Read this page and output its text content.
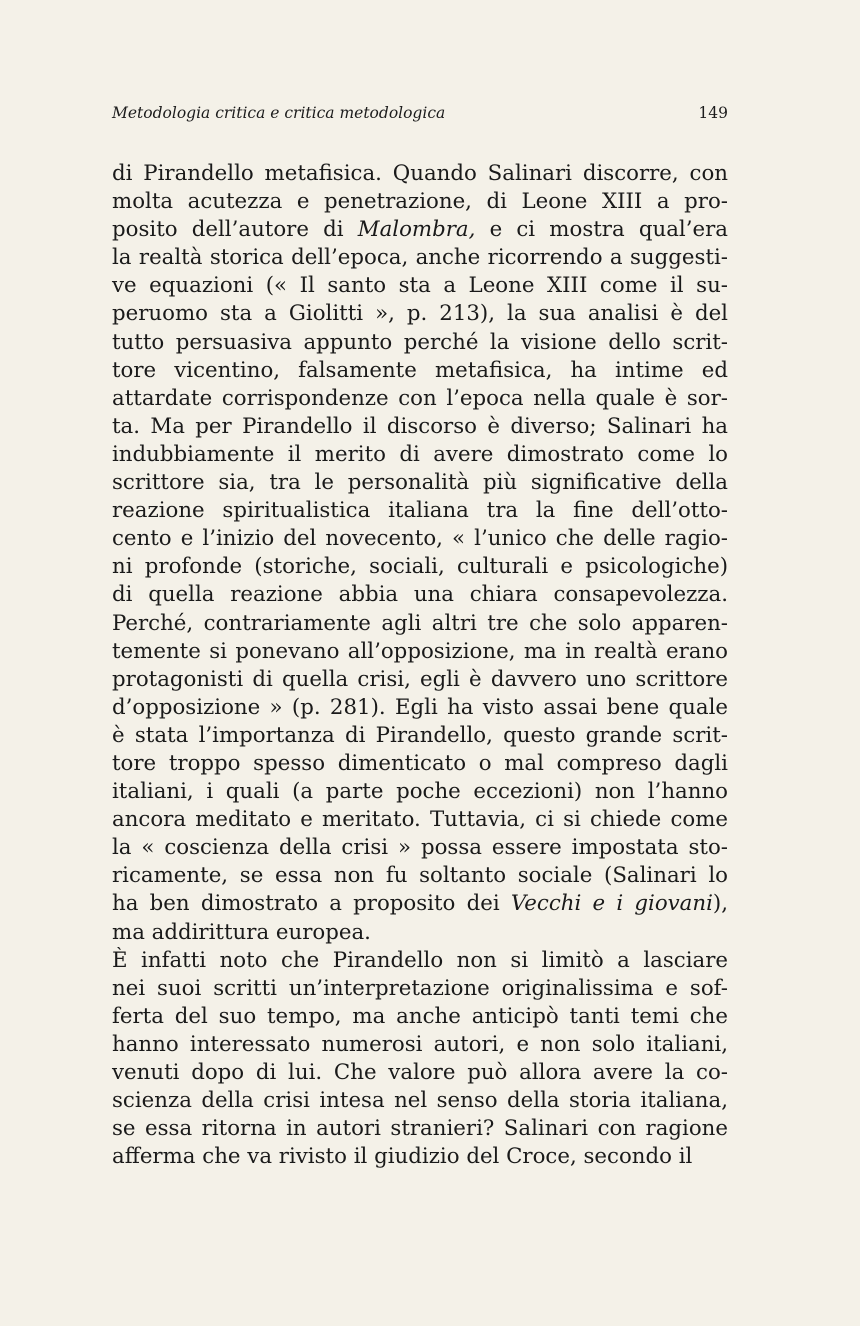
Metodologia critica e critica metodologica	149
di Pirandello metafisica. Quando Salinari discorre, con
molta acutezza e penetrazione, di Leone XIII a pro-
posito dell’autore di Malombra, e ci mostra qual’era
la realtà storica dell’epoca, anche ricorrendo a suggesti-
ve equazioni (« Il santo sta a Leone XIII come il su-
peruomo sta a Giolitti », p. 213), la sua analisi è del
tutto persuasiva appunto perché la visione dello scrit-
tore vicentino, falsamente metafisica, ha intime ed
attardate corrispondenze con l’epoca nella quale è sor-
ta. Ma per Pirandello il discorso è diverso; Salinari ha
indubbiamente il merito di avere dimostrato come lo
scrittore sia, tra le personalità più significative della
reazione spiritualistica italiana tra la fine dell’otto-
cento e l’inizio del novecento, « l’unico che delle ragio-
ni profonde (storiche, sociali, culturali e psicologiche)
di quella reazione abbia una chiara consapevolezza.
Perché, contrariamente agli altri tre che solo apparen-
temente si ponevano all’opposizione, ma in realtà erano
protagonisti di quella crisi, egli è davvero uno scrittore
d’opposizione » (p. 281). Egli ha visto assai bene quale
è stata l’importanza di Pirandello, questo grande scrit-
tore troppo spesso dimenticato o mal compreso dagli
italiani, i quali (a parte poche eccezioni) non l’hanno
ancora meditato e meritato. Tuttavia, ci si chiede come
la « coscienza della crisi » possa essere impostata sto-
ricamente, se essa non fu soltanto sociale (Salinari lo
ha ben dimostrato a proposito dei Vecchi e i giovani),
ma addirittura europea.
È infatti noto che Pirandello non si limitò a lasciare
nei suoi scritti un’interpretazione originalissima e sof-
ferta del suo tempo, ma anche anticipò tanti temi che
hanno interessato numerosi autori, e non solo italiani,
venuti dopo di lui. Che valore può allora avere la co-
scienza della crisi intesa nel senso della storia italiana,
se essa ritorna in autori stranieri? Salinari con ragione
afferma che va rivisto il giudizio del Croce, secondo il
